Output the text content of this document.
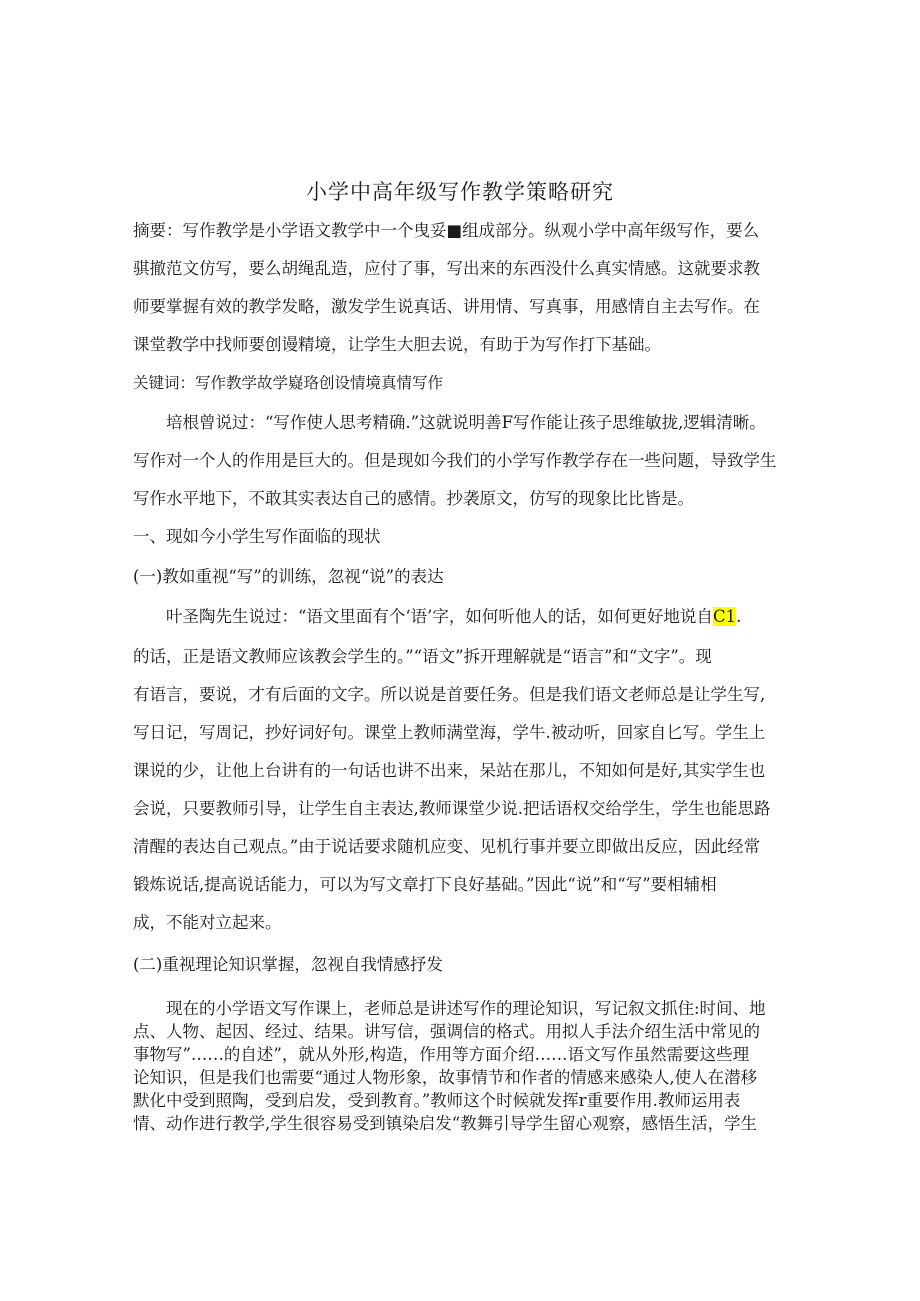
小学中高年级写作教学策略研究
摘要：写作教学是小学语文教学中一个曳妥■组成部分。纵观小学中高年级写作，要么
骐撤范文仿写，要么胡绳乱造，应付了事，写出来的东西没什么真实情感。这就要求教
师要掌握有效的教学发略，激发学生说真话、讲用情、写真事，用感情自主去写作。在
课堂教学中找师要创谩精境，让学生大胆去说，有助于为写作打下基础。
关键词：写作教学故学嶷珞创设情境真情写作
培根曾说过：“写作使人思考精确.”这就说明善F写作能让孩子思维敏拢,逻辑清晰。
写作对一个人的作用是巨大的。但是现如今我们的小学写作教学存在一些问题，导致学生
写作水平地下，不敢其实表达自己的感情。抄袭原文，仿写的现象比比皆是。
一、现如今小学生写作面临的现状
(一)教如重视“写”的训练，忽视“说”的表达
叶圣陶先生说过：“语文里面有个‘语’字，如何听他人的话，如何更好地说自C1.
的话，正是语文教师应该教会学生的。”“语文”拆开理解就是“语言”和“文字”。现
有语言，要说，才有后面的文字。所以说是首要任务。但是我们语文老师总是让学生写,
写日记，写周记，抄好词好句。课堂上教师满堂海，学牛.被动听，回家自匕写。学生上
课说的少，让他上台讲有的一句话也讲不出来，呆站在那儿，不知如何是好,其实学生也
会说，只要教师引导，让学生自主表达,教师课堂少说.把话语权交给学生，学生也能思路
清醒的表达自己观点。”由于说话要求随机应变、见机行事并要立即做出反应，因此经常
锻炼说话,提高说话能力，可以为写文章打下良好基础。”因此“说”和“写”要相辅相
成，不能对立起来。
(二)重视理论知识掌握，忽视自我情感抒发
现在的小学语文写作课上，老师总是讲述写作的理论知识，写记叙文抓住:时间、地
点、人物、起因、经过、结果。讲写信，强调信的格式。用拟人手法介绍生活中常见的
事物写”……的自述”，就从外形,构造，作用等方面介绍……语文写作虽然需要这些理
论知识，但是我们也需要“通过人物形象，故事情节和作者的情感来感染人,使人在潜移
默化中受到照陶，受到启发，受到教育。”教师这个时候就发挥r重要作用.教师运用表
情、动作进行教学,学生很容易受到镇染启发“教舞引导学生留心观察，感悟生活，学生
